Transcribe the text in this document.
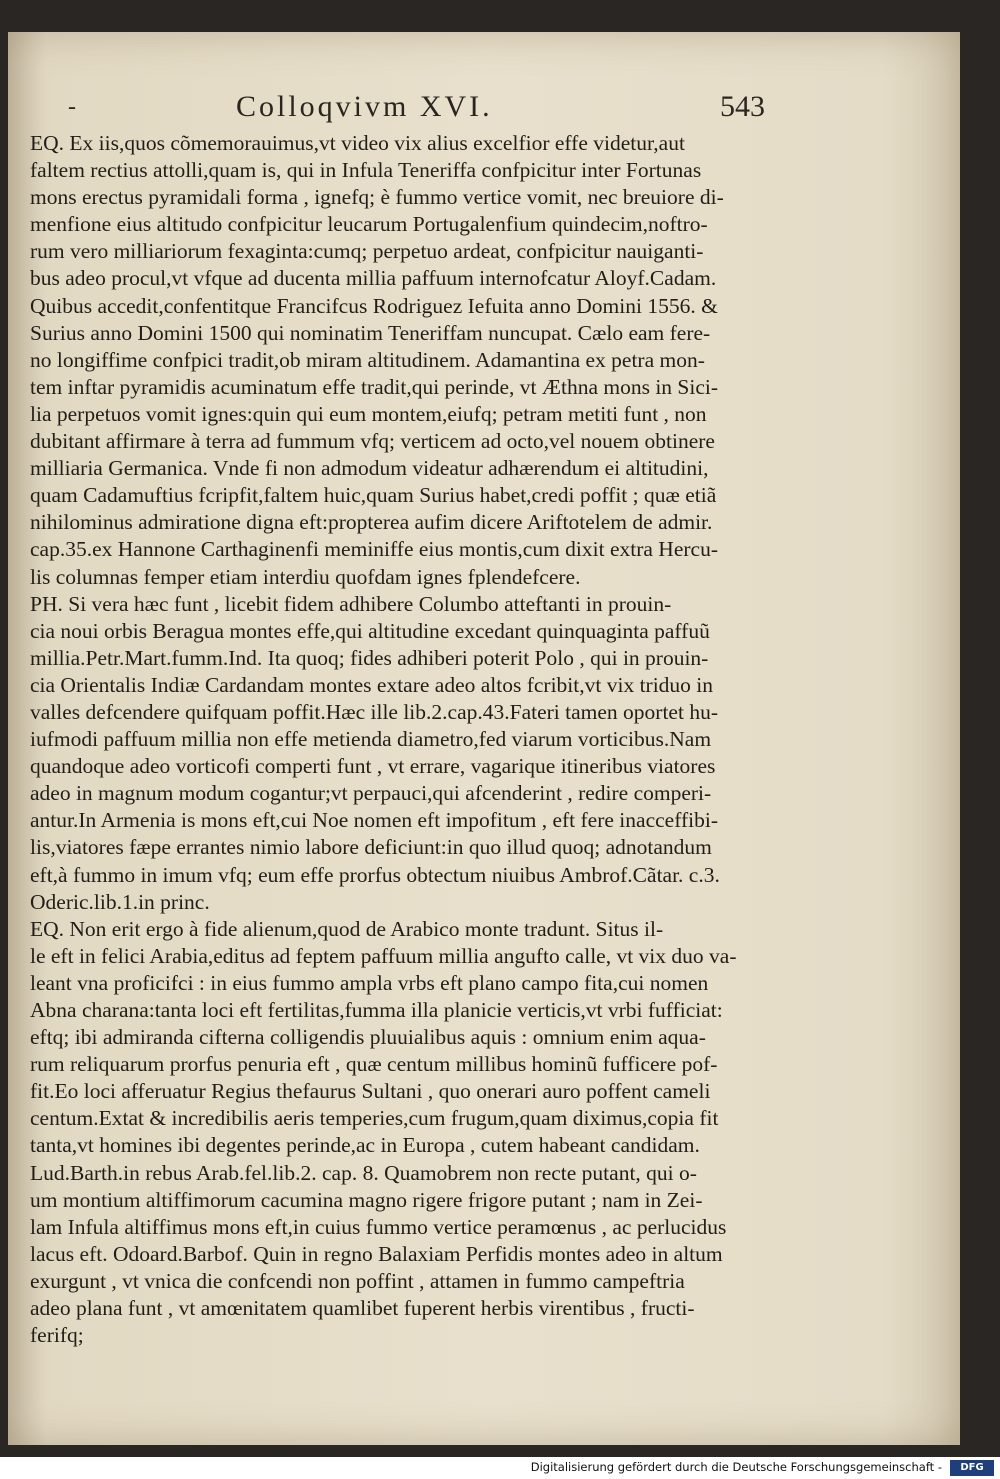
-	Colloqvivm XVI.	543
EQ. Ex iis,quos cõmemorauimus,vt video vix alius excelfior effe videtur,aut
faltem rectius attolli,quam is, qui in Infula Teneriffa confpicitur inter Fortunas
mons erectus pyramidali forma , ignefq; è fummo vertice vomit, nec breuiore di-
menfione eius altitudo confpicitur leucarum Portugalenfium quindecim,noftro-
rum vero milliariorum fexaginta:cumq; perpetuo ardeat, confpicitur nauiganti-
bus adeo procul,vt vfque ad ducenta millia paffuum internofcatur Aloyf.Cadam.
Quibus accedit,confentitque Francifcus Rodriguez Iefuita anno Domini 1556. &
Surius anno Domini 1500 qui nominatim Teneriffam nuncupat. Cælo eam fere-
no longiffime confpici tradit,ob miram altitudinem. Adamantina ex petra mon-
tem inftar pyramidis acuminatum effe tradit,qui perinde, vt Æthna mons in Sici-
lia perpetuos vomit ignes:quin qui eum montem,eiufq; petram metiti funt , non
dubitant affirmare à terra ad fummum vfq; verticem ad octo,vel nouem obtinere
milliaria Germanica. Vnde fi non admodum videatur adhærendum ei altitudini,
quam Cadamuftius fcripfit,faltem huic,quam Surius habet,credi poffit ; quæ etiã
nihilominus admiratione digna eft:propterea aufim dicere Ariftotelem de admir.
cap.35.ex Hannone Carthaginenfi meminiffe eius montis,cum dixit extra Hercu-
lis columnas femper etiam interdiu quofdam ignes fplendefcere.
PH. Si vera hæc funt , licebit fidem adhibere Columbo atteftanti in prouin-
cia noui orbis Beragua montes effe,qui altitudine excedant quinquaginta paffuũ
millia.Petr.Mart.fumm.Ind. Ita quoq; fides adhiberi poterit Polo , qui in prouin-
cia Orientalis Indiæ Cardandam montes extare adeo altos fcribit,vt vix triduo in
valles defcendere quifquam poffit.Hæc ille lib.2.cap.43.Fateri tamen oportet hu-
iufmodi paffuum millia non effe metienda diametro,fed viarum vorticibus.Nam
quandoque adeo vorticofi comperti funt , vt errare, vagarique itineribus viatores
adeo in magnum modum cogantur;vt perpauci,qui afcenderint , redire comperi-
antur.In Armenia is mons eft,cui Noe nomen eft impofitum , eft fere inacceffibi-
lis,viatores fæpe errantes nimio labore deficiunt:in quo illud quoq; adnotandum
eft,à fummo in imum vfq; eum effe prorfus obtectum niuibus Ambrof.Cãtar. c.3.
Oderic.lib.1.in princ.
EQ. Non erit ergo à fide alienum,quod de Arabico monte tradunt. Situs il-
le eft in felici Arabia,editus ad feptem paffuum millia angufto calle, vt vix duo va-
leant vna proficifci : in eius fummo ampla vrbs eft plano campo fita,cui nomen
Abna charana:tanta loci eft fertilitas,fumma illa planicie verticis,vt vrbi fufficiat:
eftq; ibi admiranda cifterna colligendis pluuialibus aquis : omnium enim aqua-
rum reliquarum prorfus penuria eft , quæ centum millibus hominũ fufficere pof-
fit.Eo loci afferuatur Regius thefaurus Sultani , quo onerari auro poffent cameli
centum.Extat & incredibilis aeris temperies,cum frugum,quam diximus,copia fit
tanta,vt homines ibi degentes perinde,ac in Europa , cutem habeant candidam.
Lud.Barth.in rebus Arab.fel.lib.2. cap. 8. Quamobrem non recte putant, qui o-
um montium altiffimorum cacumina magno rigere frigore putant ; nam in Zei-
lam Infula altiffimus mons eft,in cuius fummo vertice peramœnus , ac perlucidus
lacus eft. Odoard.Barbof. Quin in regno Balaxiam Perfidis montes adeo in altum
exurgunt , vt vnica die confcendi non poffint , attamen in fummo campeftria
adeo plana funt , vt amœnitatem quamlibet fuperent herbis virentibus , fructi-
ferifq;
Digitalisierung gefördert durch die Deutsche Forschungsgemeinschaft -	DFG
